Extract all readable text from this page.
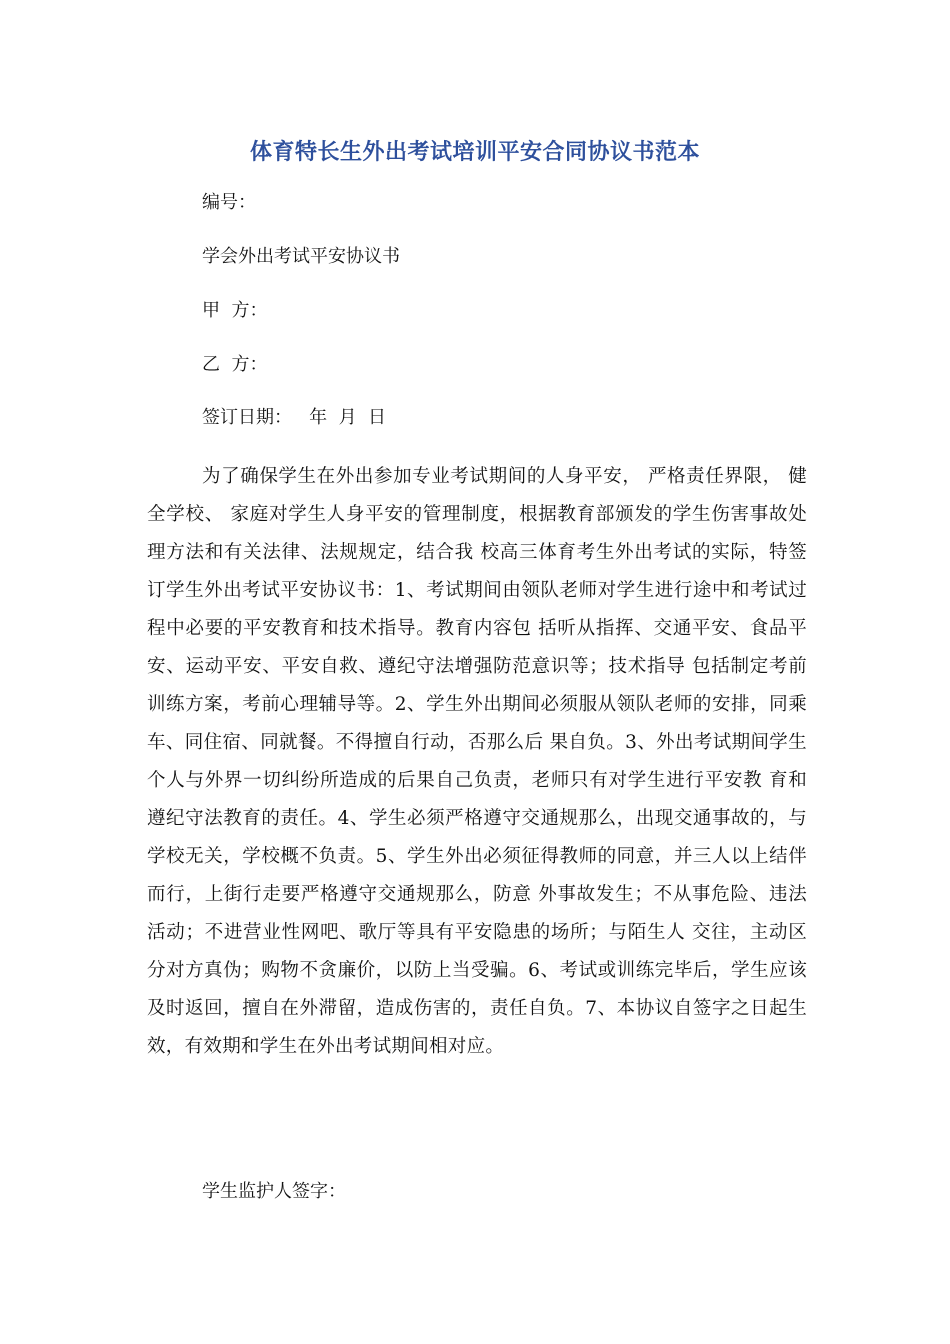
体育特长生外出考试培训平安合同协议书范本
编号：
学会外出考试平安协议书
甲  方：
乙  方：
签订日期：   年  月  日
为了确保学生在外出参加专业考试期间的人身平安， 严格责任界限， 健全学校、 家庭对学生人身平安的管理制度，根据教育部颁发的学生伤害事故处理方法和有关法律、法规规定，结合我 校高三体育考生外出考试的实际，特签订学生外出考试平安协议书：1、考试期间由领队老师对学生进行途中和考试过程中必要的平安教育和技术指导。教育内容包 括听从指挥、交通平安、食品平安、运动平安、平安自救、遵纪守法增强防范意识等；技术指导 包括制定考前训练方案，考前心理辅导等。2、学生外出期间必须服从领队老师的安排，同乘车、同住宿、同就餐。不得擅自行动，否那么后 果自负。3、外出考试期间学生个人与外界一切纠纷所造成的后果自己负责，老师只有对学生进行平安教 育和遵纪守法教育的责任。4、学生必须严格遵守交通规那么，出现交通事故的，与学校无关，学校概不负责。5、学生外出必须征得教师的同意，并三人以上结伴而行，上街行走要严格遵守交通规那么，防意 外事故发生；不从事危险、违法活动；不进营业性网吧、歌厅等具有平安隐患的场所；与陌生人 交往，主动区分对方真伪；购物不贪廉价，以防上当受骗。6、考试或训练完毕后，学生应该及时返回，擅自在外滞留，造成伤害的，责任自负。7、本协议自签字之日起生效，有效期和学生在外出考试期间相对应。
学生监护人签字：
